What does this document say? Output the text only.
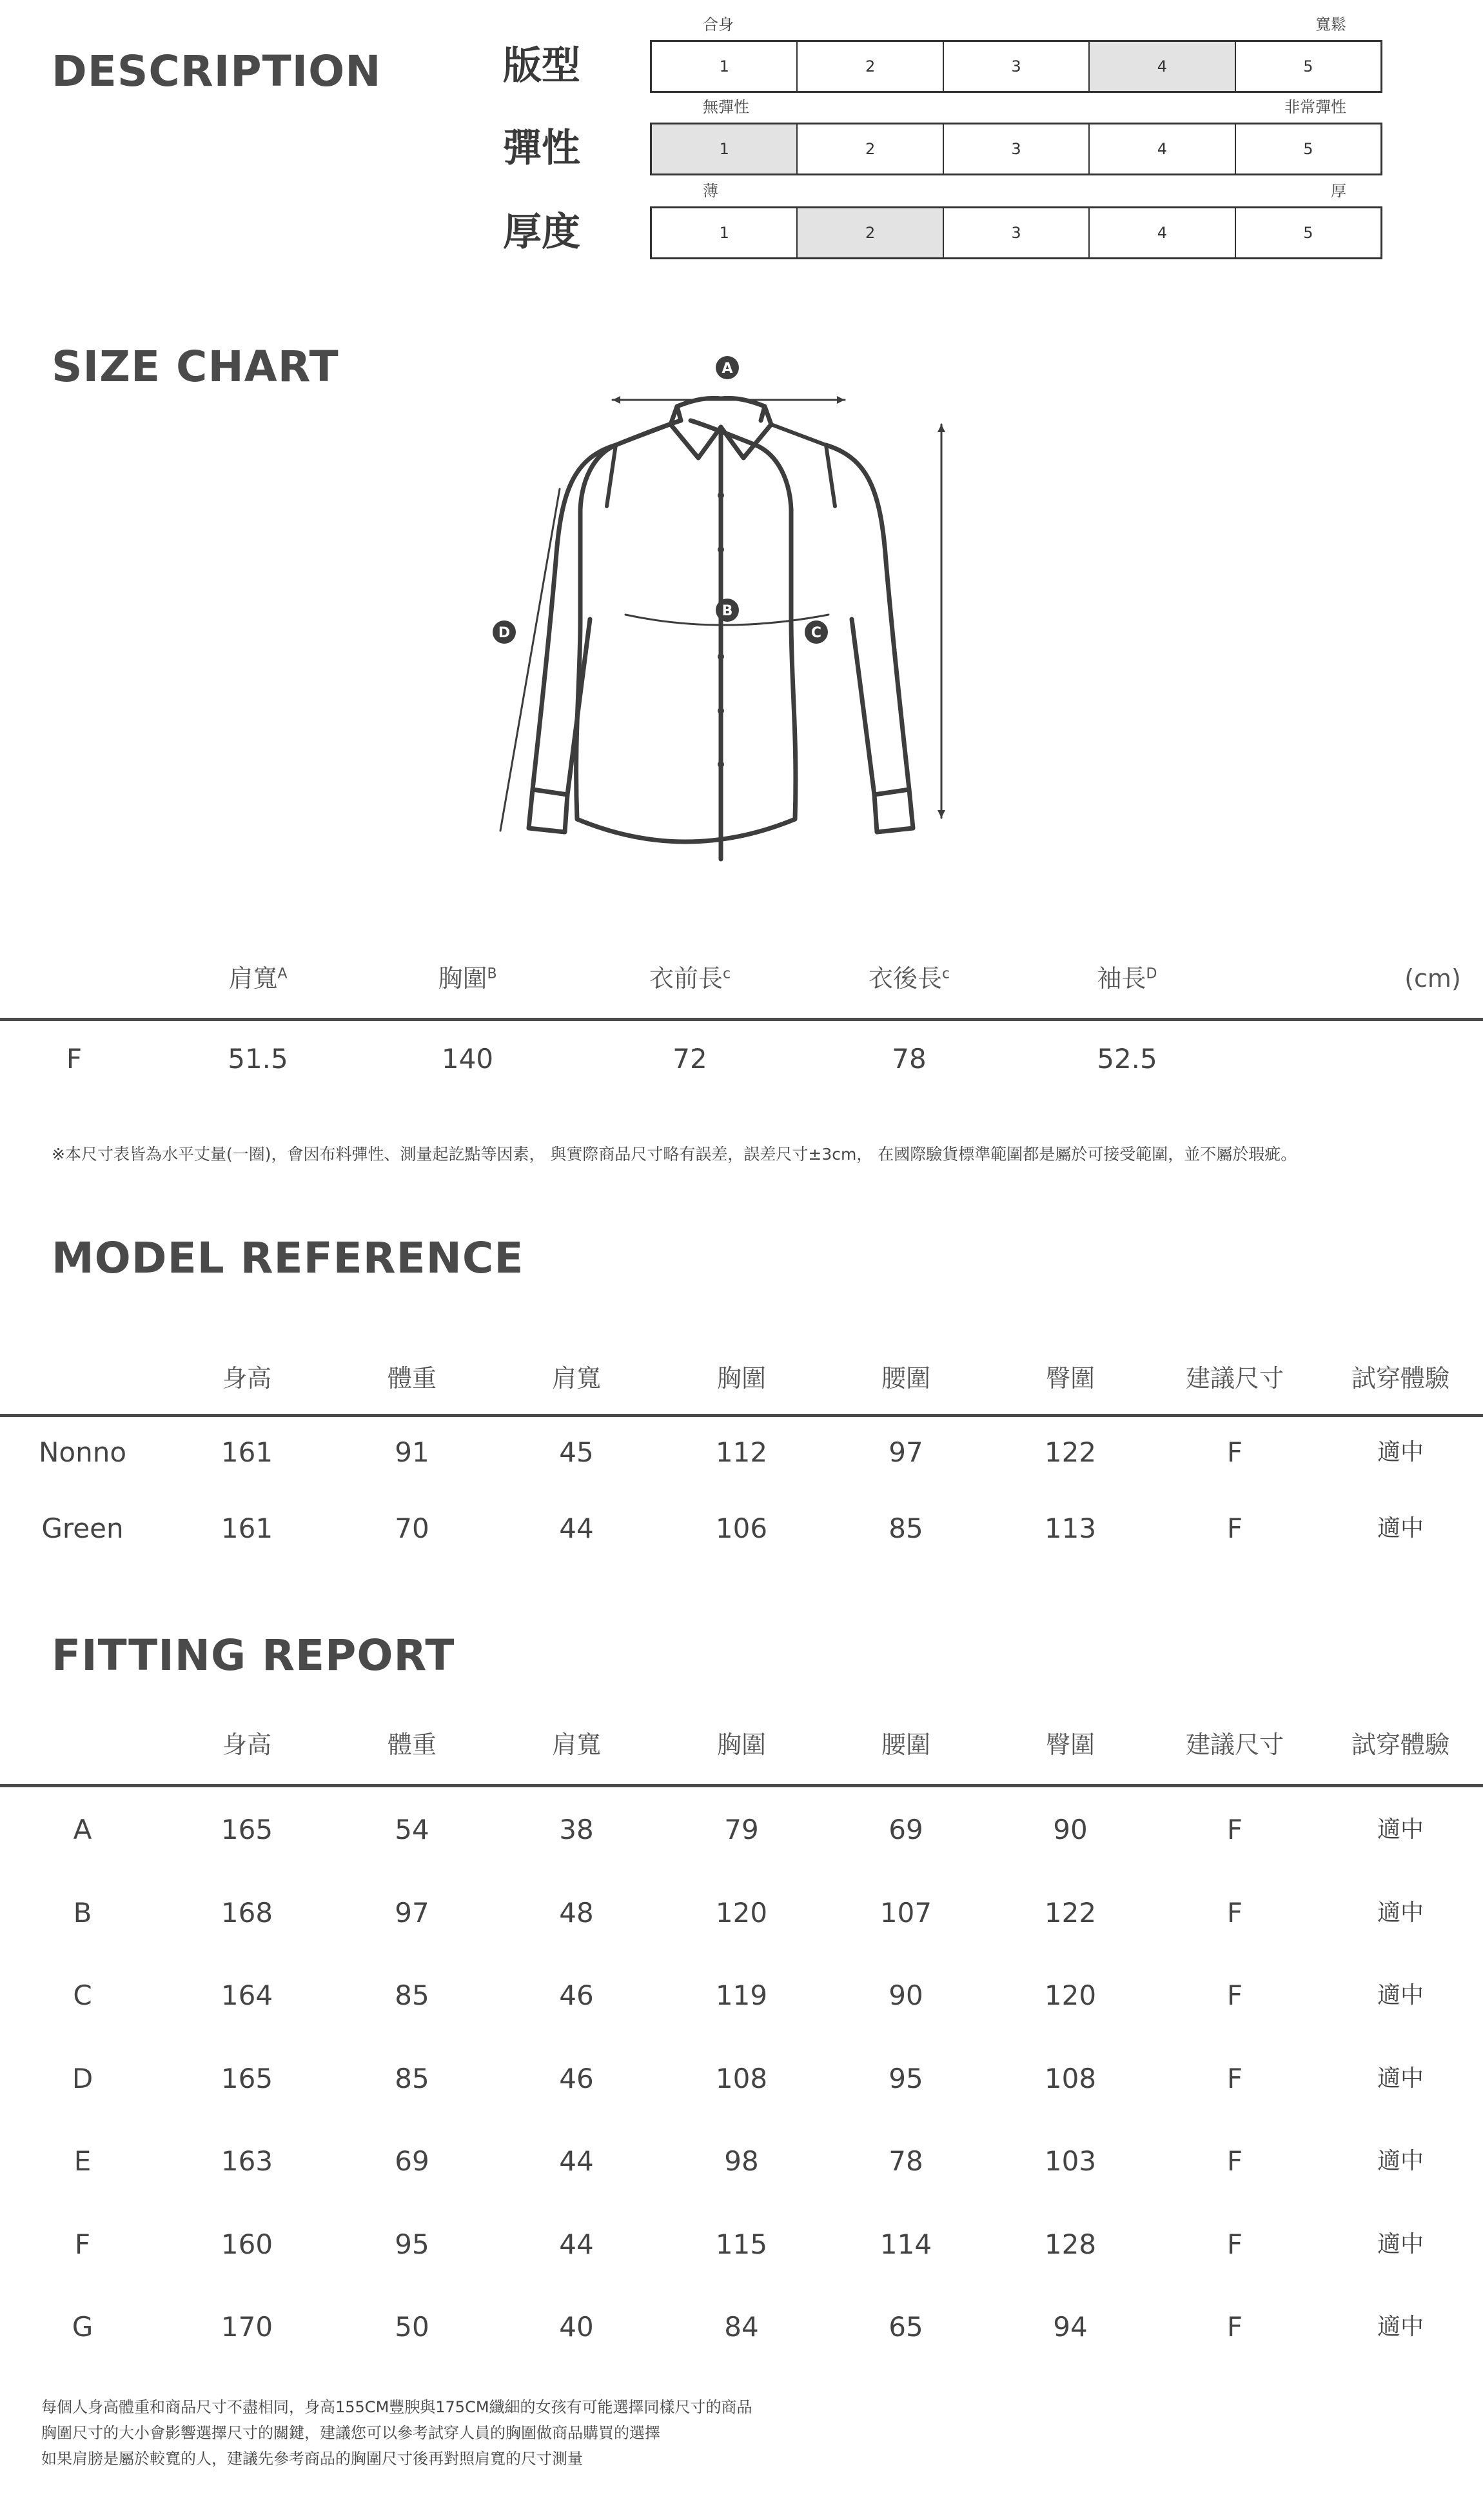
DESCRIPTION	版型
合身	寬鬆
1	2	3	4	5
彈性
無彈性	非常彈性
1	2	3	4	5
厚度
薄	厚
1	2	3	4	5
SIZE CHART	A
B
C
D
肩寬$^A$	胸圍$^B$	衣前長$^c$	衣後長$^c$	袖長$^D$	(cm)
F	51.5	140	72	78	52.5
※本尺寸表皆為水平丈量(一圈)，會因布料彈性、測量起訖點等因素， 與實際商品尺寸略有誤差，誤差尺寸±3cm， 在國際驗貨標準範圍都是屬於可接受範圍，並不屬於瑕疵。
MODEL REFERENCE
身高	體重	肩寬	胸圍	腰圍	臀圍	建議尺寸	試穿體驗
Nonno	161	91	45	112	97	122	F	適中
Green	161	70	44	106	85	113	F	適中
FITTING REPORT
身高	體重	肩寬	胸圍	腰圍	臀圍	建議尺寸	試穿體驗
A	165	54	38	79	69	90	F	適中
B	168	97	48	120	107	122	F	適中
C	164	85	46	119	90	120	F	適中
D	165	85	46	108	95	108	F	適中
E	163	69	44	98	78	103	F	適中
F	160	95	44	115	114	128	F	適中
G	170	50	40	84	65	94	F	適中
每個人身高體重和商品尺寸不盡相同，身高155CM豐腴與175CM纖細的女孩有可能選擇同樣尺寸的商品
胸圍尺寸的大小會影響選擇尺寸的關鍵，建議您可以參考試穿人員的胸圍做商品購買的選擇
如果肩膀是屬於較寬的人，建議先參考商品的胸圍尺寸後再對照肩寬的尺寸測量
